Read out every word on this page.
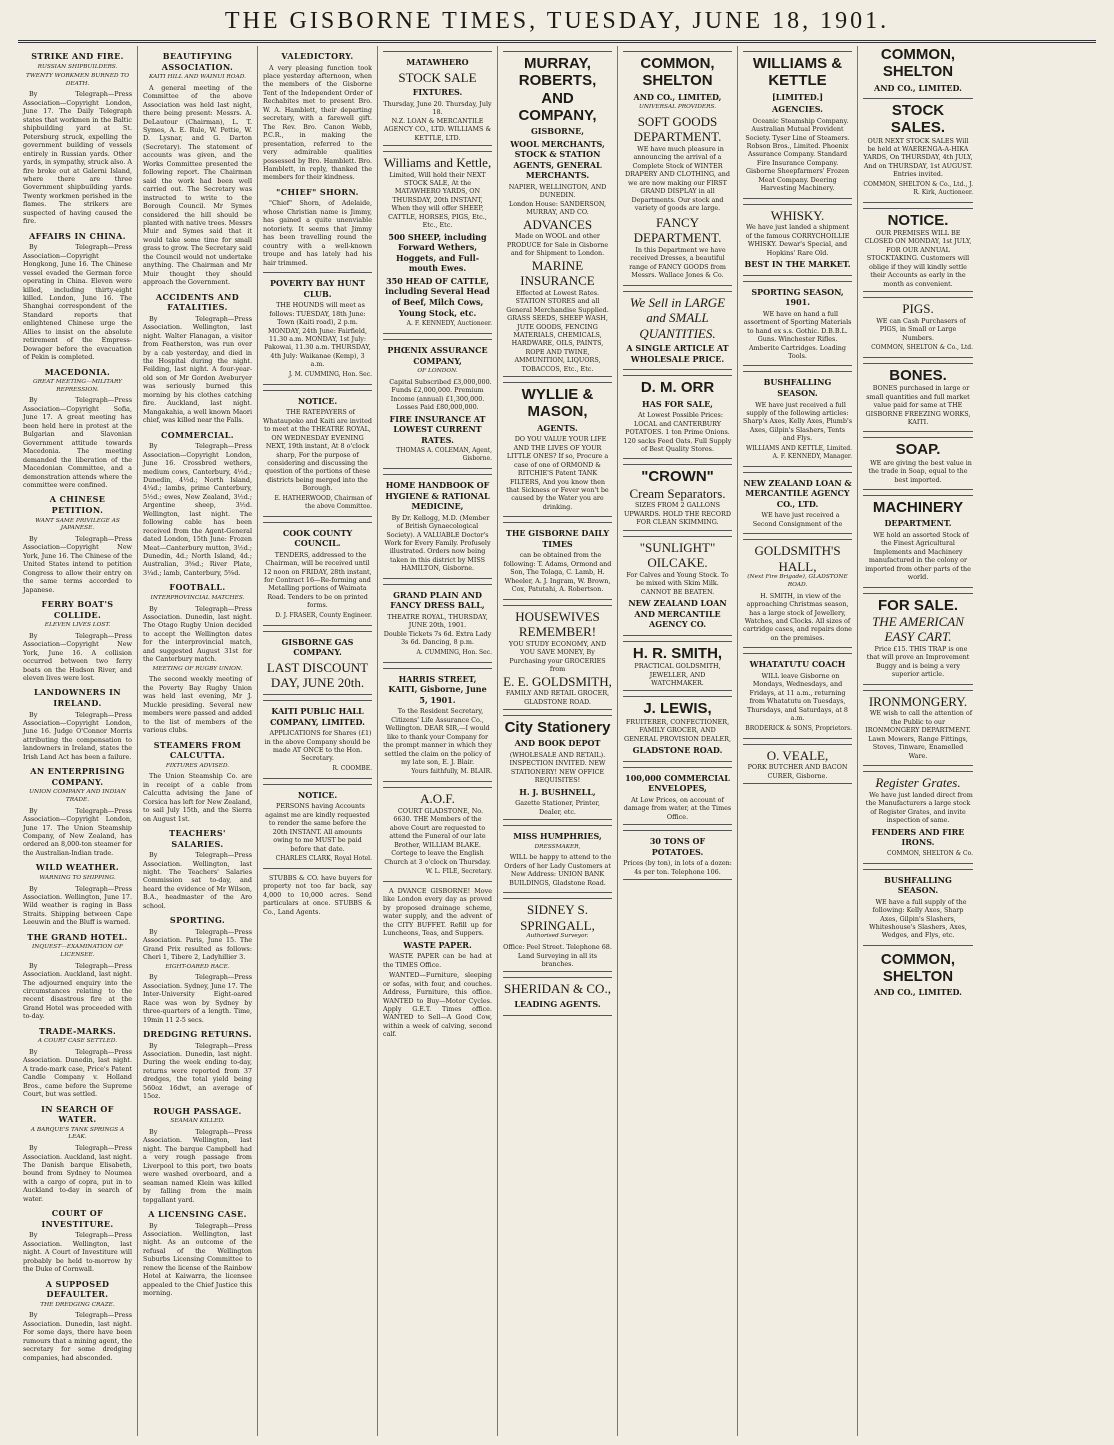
THE GISBORNE TIMES, TUESDAY, JUNE 18, 1901.
STRIKE AND FIRE.
RUSSIAN SHIPBUILDERS.
TWENTY WORKMEN BURNED TO DEATH.
By Telegraph—Press Association—Copyright London, June 17. The Daily Telegraph states that workmen in the Baltic shipbuilding yard at St. Petersburg struck, expelling the government building of vessels entirely in Russian yards. Other yards, in sympathy, struck also. A fire broke out at Galerni Island, where there are three Government shipbuilding yards. Twenty workmen perished in the flames. The strikers are suspected of having caused the fire.
AFFAIRS IN CHINA.
By Telegraph—Press Association—Copyright Hongkong, June 16. The Chinese vessel evaded the German force operating in China. Eleven were killed, including thirty-eight killed. London, June 16. The Shanghai correspondent of the Standard reports that enlightened Chinese urge the Allies to insist on the absolute retirement of the Empress-Dowager before the evacuation of Pekin is completed.
MACEDONIA.
GREAT MEETING—MILITARY REPRESSION.
By Telegraph—Press Association—Copyright Sofia, June 17. A great meeting has been held here in protest at the Bulgarian and Slavonian Government attitude towards Macedonia. The meeting demanded the liberation of the Macedonian Committee, and a demonstration attends where the committee were confined.
A CHINESE PETITION.
WANT SAME PRIVILEGE AS JAPANESE.
By Telegraph—Press Association—Copyright New York, June 16. The Chinese of the United States intend to petition Congress to allow their entry on the same terms accorded to Japanese.
FERRY BOAT'S COLLIDE.
ELEVEN LIVES LOST.
By Telegraph—Press Association—Copyright New York, June 16. A collision occurred between two ferry boats on the Hudson River, and eleven lives were lost.
LANDOWNERS IN IRELAND.
By Telegraph—Press Association—Copyright London, June 16. Judge O'Connor Morris attributing the compensation to landowners in Ireland, states the Irish Land Act has been a failure.
AN ENTERPRISING COMPANY.
UNION COMPANY AND INDIAN TRADE.
By Telegraph—Press Association—Copyright London, June 17. The Union Steamship Company, of New Zealand, has ordered an 8,000-ton steamer for the Australian-Indian trade.
WILD WEATHER.
WARNING TO SHIPPING.
By Telegraph—Press Association. Wellington, June 17. Wild weather is raging in Bass Straits. Shipping between Cape Leeuwin and the Bluff is warned.
THE GRAND HOTEL.
INQUEST—EXAMINATION OF LICENSEE.
By Telegraph—Press Association. Auckland, last night. The adjourned enquiry into the circumstances relating to the recent disastrous fire at the Grand Hotel was proceeded with to-day.
TRADE-MARKS.
A COURT CASE SETTLED.
By Telegraph—Press Association. Dunedin, last night. A trade-mark case, Price's Patent Candle Company v. Holland Bros., came before the Supreme Court, but was settled.
IN SEARCH OF WATER.
A BARQUE'S TANK SPRINGS A LEAK.
By Telegraph—Press Association. Auckland, last night. The Danish barque Elisabeth, bound from Sydney to Noumea with a cargo of copra, put in to Auckland to-day in search of water.
COURT OF INVESTITURE.
By Telegraph—Press Association. Wellington, last night. A Court of Investiture will probably be held to-morrow by the Duke of Cornwall.
A SUPPOSED DEFAULTER.
THE DREDGING CRAZE.
By Telegraph—Press Association. Dunedin, last night. For some days, there have been rumours that a mining agent, the secretary for some dredging companies, had absconded.
BEAUTIFYING ASSOCIATION.
KAITI HILL AND WAINUI ROAD.
A general meeting of the Committee of the above Association was held last night, there being present: Messrs. A. DeLautour (Chairman), L. T. Symes, A. E. Rule, W. Pettie, W. D. Lysnar, and G. Darton (Secretary). The statement of accounts was given, and the Works Committee presented the following report. The Chairman said the work had been well carried out. The Secretary was instructed to write to the Borough Council. Mr Symes considered the hill should be planted with native trees. Messrs Muir and Symes said that it would take some time for small grass to grow. The Secretary said the Council would not undertake anything. The Chairman and Mr Muir thought they should approach the Government.
ACCIDENTS AND FATALITIES.
By Telegraph—Press Association. Wellington, last night. Walter Flanagan, a visitor from Featherston, was run over by a cab yesterday, and died in the Hospital during the night. Feilding, last night. A four-year-old son of Mr Gordon Aveburyer was seriously burned this morning by his clothes catching fire. Auckland, last night. Mangakahia, a well known Maori chief, was killed near the Falls.
COMMERCIAL.
By Telegraph—Press Association—Copyright London, June 16. Crossbred wethers, medium cows, Canterbury, 4½d.; Dunedin, 4½d.; North Island, 4¼d.; lambs, prime Canterbury, 5½d.; ewes, New Zealand, 3½d.; Argentine sheep, 3½d. Wellington, last night. The following cable has been received from the Agent-General dated London, 15th June: Frozen Meat—Canterbury mutton, 3½d.; Dunedin, 4d.; North Island, 4d.; Australian, 3⅝d.; River Plate, 3¼d.; lamb, Canterbury, 5⅝d.
FOOTBALL.
INTERPROVINCIAL MATCHES.
By Telegraph—Press Association. Dunedin, last night. The Otago Rugby Union decided to accept the Wellington dates for the interprovincial match, and suggested August 31st for the Canterbury match.
MEETING OF RUGBY UNION.
The second weekly meeting of the Poverty Bay Rugby Union was held last evening, Mr J. Muckle presiding. Several new members were passed and added to the list of members of the various clubs.
STEAMERS FROM CALCUTTA.
FIXTURES ADVISED.
The Union Steamship Co. are in receipt of a cable from Calcutta advising the Jane of Corsica has left for New Zealand, to sail July 15th, and the Sierra on August 1st.
TEACHERS' SALARIES.
By Telegraph—Press Association. Wellington, last night. The Teachers' Salaries Commission sat to-day, and heard the evidence of Mr Wilson, B.A., headmaster of the Aro school.
SPORTING.
By Telegraph—Press Association. Paris, June 15. The Grand Prix resulted as follows: Cheri 1, Tibere 2, Ladyhillier 3.
EIGHT-OARED RACE.
By Telegraph—Press Association. Sydney, June 17. The Inter-University Eight-oared Race was won by Sydney by three-quarters of a length. Time, 19min 11 2-5 secs.
DREDGING RETURNS.
By Telegraph—Press Association. Dunedin, last night. During the week ending to-day, returns were reported from 37 dredges, the total yield being 560oz 16dwt, an average of 15oz.
ROUGH PASSAGE.
SEAMAN KILLED.
By Telegraph—Press Association. Wellington, last night. The barque Campbell had a very rough passage from Liverpool to this port, two boats were washed overboard, and a seaman named Klein was killed by falling from the main topgallant yard.
A LICENSING CASE.
By Telegraph—Press Association. Wellington, last night. As an outcome of the refusal of the Wellington Suburbs Licensing Committee to renew the license of the Rainbow Hotel at Kaiwarra, the licensee appealed to the Chief Justice this morning.
VALEDICTORY.
A very pleasing function took place yesterday afternoon, when the members of the Gisborne Tent of the Independent Order of Rechabites met to present Bro. W. A. Hamblett, their departing secretary, with a farewell gift. The Rev. Bro. Canon Webb, P.C.R., in making the presentation, referred to the very admirable qualities possessed by Bro. Hamblett. Bro. Hamblett, in reply, thanked the members for their kindness.
"CHIEF" SHORN.
"Chief" Shorn, of Adelaide, whose Christian name is Jimmy, has gained a quite unenviable notoriety. It seems that Jimmy has been travelling round the country with a well-known troupe and has lately had his hair trimmed.
POVERTY BAY HUNT CLUB.
THE HOUNDS will meet as follows: TUESDAY, 18th June: Town (Kaiti road), 2 p.m. MONDAY, 24th June: Fairfield, 11.30 a.m. MONDAY, 1st July: Pakowai, 11.30 a.m. THURSDAY, 4th July: Waikanae (Kemp), 3 a.m.
J. M. CUMMING, Hon. Sec.
NOTICE.
THE RATEPAYERS of Whataupoko and Kaiti are invited to meet at the THEATRE ROYAL, ON WEDNESDAY EVENING NEXT, 19th instant, At 8 o'clock sharp, For the purpose of considering and discussing the question of the portions of these districts being merged into the Borough.
E. HATHERWOOD, Chairman of the above Committee.
COOK COUNTY COUNCIL.
TENDERS, addressed to the Chairman, will be received until 12 noon on FRIDAY, 28th instant, for Contract 16—Re-forming and Metalling portions of Waimata Road. Tenders to be on printed forms.
D. J. FRASER, County Engineer.
GISBORNE GAS COMPANY.
LAST DISCOUNT DAY, JUNE 20th.
KAITI PUBLIC HALL COMPANY, LIMITED.
APPLICATIONS for Shares (£1) in the above Company should be made AT ONCE to the Hon. Secretary.
R. COOMBE.
NOTICE.
PERSONS having Accounts against me are kindly requested to render the same before the 20th INSTANT. All amounts owing to me MUST be paid before that date.
CHARLES CLARK, Royal Hotel.
STUBBS & CO. have buyers for property not too far back, say 4,000 to 10,000 acres. Send particulars at once. STUBBS & Co., Land Agents.
MATAWHERO
STOCK SALE
FIXTURES.
Thursday, June 20. Thursday, July 18.
N.Z. LOAN & MERCANTILE AGENCY CO., LTD. WILLIAMS & KETTLE, LTD.
Williams and Kettle,
Limited, Will hold their NEXT STOCK SALE, At the MATAWHERO YARDS, ON THURSDAY, 20th INSTANT, When they will offer SHEEP, CATTLE, HORSES, PIGS, Etc., Etc., Etc.
500 SHEEP, including Forward Wethers, Hoggets, and Full-mouth Ewes.
350 HEAD OF CATTLE, including Several Head of Beef, Milch Cows, Young Stock, etc.
A. F. KENNEDY, Auctioneer.
PHŒNIX ASSURANCE COMPANY,
OF LONDON.
Capital Subscribed £3,000,000. Funds £2,000,000. Premium Income (annual) £1,300,000. Losses Paid £80,000,000.
FIRE INSURANCE AT LOWEST CURRENT RATES.
THOMAS A. COLEMAN, Agent, Gisborne.
HOME HANDBOOK OF HYGIENE & RATIONAL MEDICINE,
By Dr. Kellogg, M.D. (Member of British Gynaecological Society). A VALUABLE Doctor's Work for Every Family. Profusely illustrated. Orders now being taken in this district by MISS HAMILTON, Gisborne.
GRAND PLAIN AND FANCY DRESS BALL,
THEATRE ROYAL, THURSDAY, JUNE 20th, 1901.
Double Tickets 7s 6d. Extra Lady 3s 6d. Dancing, 8 p.m.
A. CUMMING, Hon. Sec.
HARRIS STREET, KAITI, Gisborne, June 5, 1901.
To the Resident Secretary, Citizens' Life Assurance Co., Wellington. DEAR SIR,—I would like to thank your Company for the prompt manner in which they settled the claim on the policy of my late son, E. J. Blair.
Yours faithfully, M. BLAIR.
A.O.F.
COURT GLADSTONE, No. 6630. THE Members of the above Court are requested to attend the Funeral of our late Brother, WILLIAM BLAKE. Cortege to leave the English Church at 3 o'clock on Thursday.
W. L. FILE, Secretary.
A DVANCE GISBORNE! Move like London every day as proved by proposed drainage scheme, water supply, and the advent of the CITY BUFFET. Refill up for Luncheons, Teas, and Suppers.
WASTE PAPER.
WASTE PAPER can be had at the TIMES Office.
WANTED—Furniture, sleeping or sofas, with four, and couches. Address, Furniture, this office. WANTED to Buy—Motor Cycles. Apply G.E.T. Times office. WANTED to Sell—A Good Cow, within a week of calving, second calf.
MURRAY, ROBERTS,
AND COMPANY,
GISBORNE,
WOOL MERCHANTS, STOCK & STATION AGENTS, GENERAL MERCHANTS.
NAPIER, WELLINGTON, AND DUNEDIN.
London House: SANDERSON, MURRAY, AND CO.
ADVANCES
Made on WOOL and other PRODUCE for Sale in Gisborne and for Shipment to London.
MARINE INSURANCE
Effected at Lowest Rates.
STATION STORES and all General Merchandise Supplied. GRASS SEEDS, SHEEP WASH, JUTE GOODS, FENCING MATERIALS, CHEMICALS, HARDWARE, OILS, PAINTS, ROPE AND TWINE, AMMUNITION, LIQUORS, TOBACCOS, Etc., Etc.
WYLLIE & MASON,
AGENTS.
DO YOU VALUE YOUR LIFE AND THE LIVES OF YOUR LITTLE ONES? If so, Procure a case of one of ORMOND & RITCHIE'S Patent TANK FILTERS, And you know then that Sickness or Fever won't be caused by the Water you are drinking.
THE GISBORNE DAILY TIMES
can be obtained from the following: T. Adams, Ormond and Son, The Tolaga, C. Lamb, H. Wheeler, A. J. Ingram, W. Brown, Cox, Patutahi, A. Robertson.
HOUSEWIVES REMEMBER!
YOU STUDY ECONOMY, AND YOU SAVE MONEY, By Purchasing your GROCERIES from
E. E. GOLDSMITH,
FAMILY AND RETAIL GROCER, GLADSTONE ROAD.
City Stationery
AND BOOK DEPOT
(WHOLESALE AND RETAIL). INSPECTION INVITED. NEW STATIONERY! NEW OFFICE REQUISITES!
H. J. BUSHNELL,
Gazette Stationer, Printer, Dealer, etc.
MISS HUMPHRIES,
DRESSMAKER,
WILL be happy to attend to the Orders of her Lady Customers at New Address: UNION BANK BUILDINGS, Gladstone Road.
SIDNEY S. SPRINGALL,
Authorised Surveyor.
Office: Peel Street. Telephone 68. Land Surveying in all its branches.
SHERIDAN & CO.,
LEADING AGENTS.
COMMON, SHELTON
AND CO., LIMITED,
UNIVERSAL PROVIDERS.
SOFT GOODS DEPARTMENT.
WE have much pleasure in announcing the arrival of a Complete Stock of WINTER DRAPERY AND CLOTHING, and we are now making our FIRST GRAND DISPLAY in all Departments. Our stock and variety of goods are large.
FANCY DEPARTMENT.
In this Department we have received Dresses, a beautiful range of FANCY GOODS from Messrs. Wallace Jones & Co.
We Sell in LARGE and SMALL QUANTITIES.
A SINGLE ARTICLE AT WHOLESALE PRICE.
D. M. ORR
HAS FOR SALE,
At Lowest Possible Prices: LOCAL and CANTERBURY POTATOES. 1 ton Prime Onions. 120 sacks Feed Oats. Full Supply of Best Quality Stores.
"CROWN"
Cream Separators.
SIZES FROM 2 GALLONS UPWARDS. HOLD THE RECORD FOR CLEAN SKIMMING.
"SUNLIGHT" OILCAKE.
For Calves and Young Stock. To be mixed with Skim Milk. CANNOT BE BEATEN.
NEW ZEALAND LOAN AND MERCANTILE AGENCY CO.
H. R. SMITH,
PRACTICAL GOLDSMITH, JEWELLER, AND WATCHMAKER.
J. LEWIS,
FRUITERER, CONFECTIONER, FAMILY GROCER, AND GENERAL PROVISION DEALER,
GLADSTONE ROAD.
100,000 COMMERCIAL ENVELOPES,
At Low Prices, on account of damage from water, at the Times Office.
30 TONS OF POTATOES.
Prices (by ton), in lots of a dozen: 4s per ton. Telephone 106.
WILLIAMS & KETTLE
[LIMITED.]
AGENCIES.
Oceanic Steamship Company. Australian Mutual Provident Society. Tyser Line of Steamers. Robson Bros., Limited. Phoenix Assurance Company. Standard Fire Insurance Company. Gisborne Sheepfarmers' Frozen Meat Company. Deering Harvesting Machinery.
WHISKY.
We have just landed a shipment of the famous CORRYCHOILLIE WHISKY. Dewar's Special, and Hopkins' Rare Old.
BEST IN THE MARKET.
SPORTING SEASON, 1901.
WE have on hand a full assortment of Sporting Materials to hand ex s.s. Gothic. D.B.B.L. Guns. Winchester Rifles. Amberite Cartridges. Loading Tools.
BUSHFALLING SEASON.
WE have just received a full supply of the following articles: Sharp's Axes, Kelly Axes, Plumb's Axes, Gilpin's Slashers, Tents and Flys.
WILLIAMS AND KETTLE, Limited. A. F. KENNEDY, Manager.
NEW ZEALAND LOAN & MERCANTILE AGENCY CO., LTD.
WE have just received a Second Consignment of the
GOLDSMITH'S HALL,
(Next Fire Brigade), GLADSTONE ROAD.
H. SMITH, in view of the approaching Christmas season, has a large stock of Jewellery, Watches, and Clocks. All sizes of cartridge cases, and repairs done on the premises.
WHATATUTU COACH
WILL leave Gisborne on Mondays, Wednesdays, and Fridays, at 11 a.m., returning from Whatatutu on Tuesdays, Thursdays, and Saturdays, at 8 a.m.
BRODERICK & SONS, Proprietors.
O. VEALE,
PORK BUTCHER AND BACON CURER, Gisborne.
COMMON, SHELTON
AND CO., LIMITED.
STOCK SALES.
OUR NEXT STOCK SALES Will be held at WAERENGA-A-HIKA YARDS, On THURSDAY, 4th JULY, And on THURSDAY, 1st AUGUST. Entries invited.
COMMON, SHELTON & Co., Ltd., J. R. Kirk, Auctioneer.
NOTICE.
OUR PREMISES WILL BE CLOSED ON MONDAY, 1st JULY, FOR OUR ANNUAL STOCKTAKING. Customers will oblige if they will kindly settle their Accounts as early in the month as convenient.
PIGS.
WE can Cash Purchasers of PIGS, in Small or Large Numbers.
COMMON, SHELTON & Co., Ltd.
BONES.
BONES purchased in large or small quantities and full market value paid for same at THE GISBORNE FREEZING WORKS, KAITI.
SOAP.
WE are giving the best value in the trade in Soap, equal to the best imported.
MACHINERY
DEPARTMENT.
WE hold an assorted Stock of the Finest Agricultural Implements and Machinery manufactured in the colony or imported from other parts of the world.
FOR SALE.
THE AMERICAN EASY CART.
Price £15. THIS TRAP is one that will prove an Improvement Buggy and is being a very superior article.
IRONMONGERY.
WE wish to call the attention of the Public to our IRONMONGERY DEPARTMENT. Lawn Mowers, Range Fittings, Stoves, Tinware, Enamelled Ware.
Register Grates.
We have just landed direct from the Manufacturers a large stock of Register Grates, and invite inspection of same.
FENDERS AND FIRE IRONS.
COMMON, SHELTON & Co.
BUSHFALLING SEASON.
WE have a full supply of the following: Kelly Axes, Sharp Axes, Gilpin's Slashers, Whiteshouse's Slashers, Axes, Wedges, and Flys, etc.
COMMON, SHELTON
AND CO., LIMITED.
